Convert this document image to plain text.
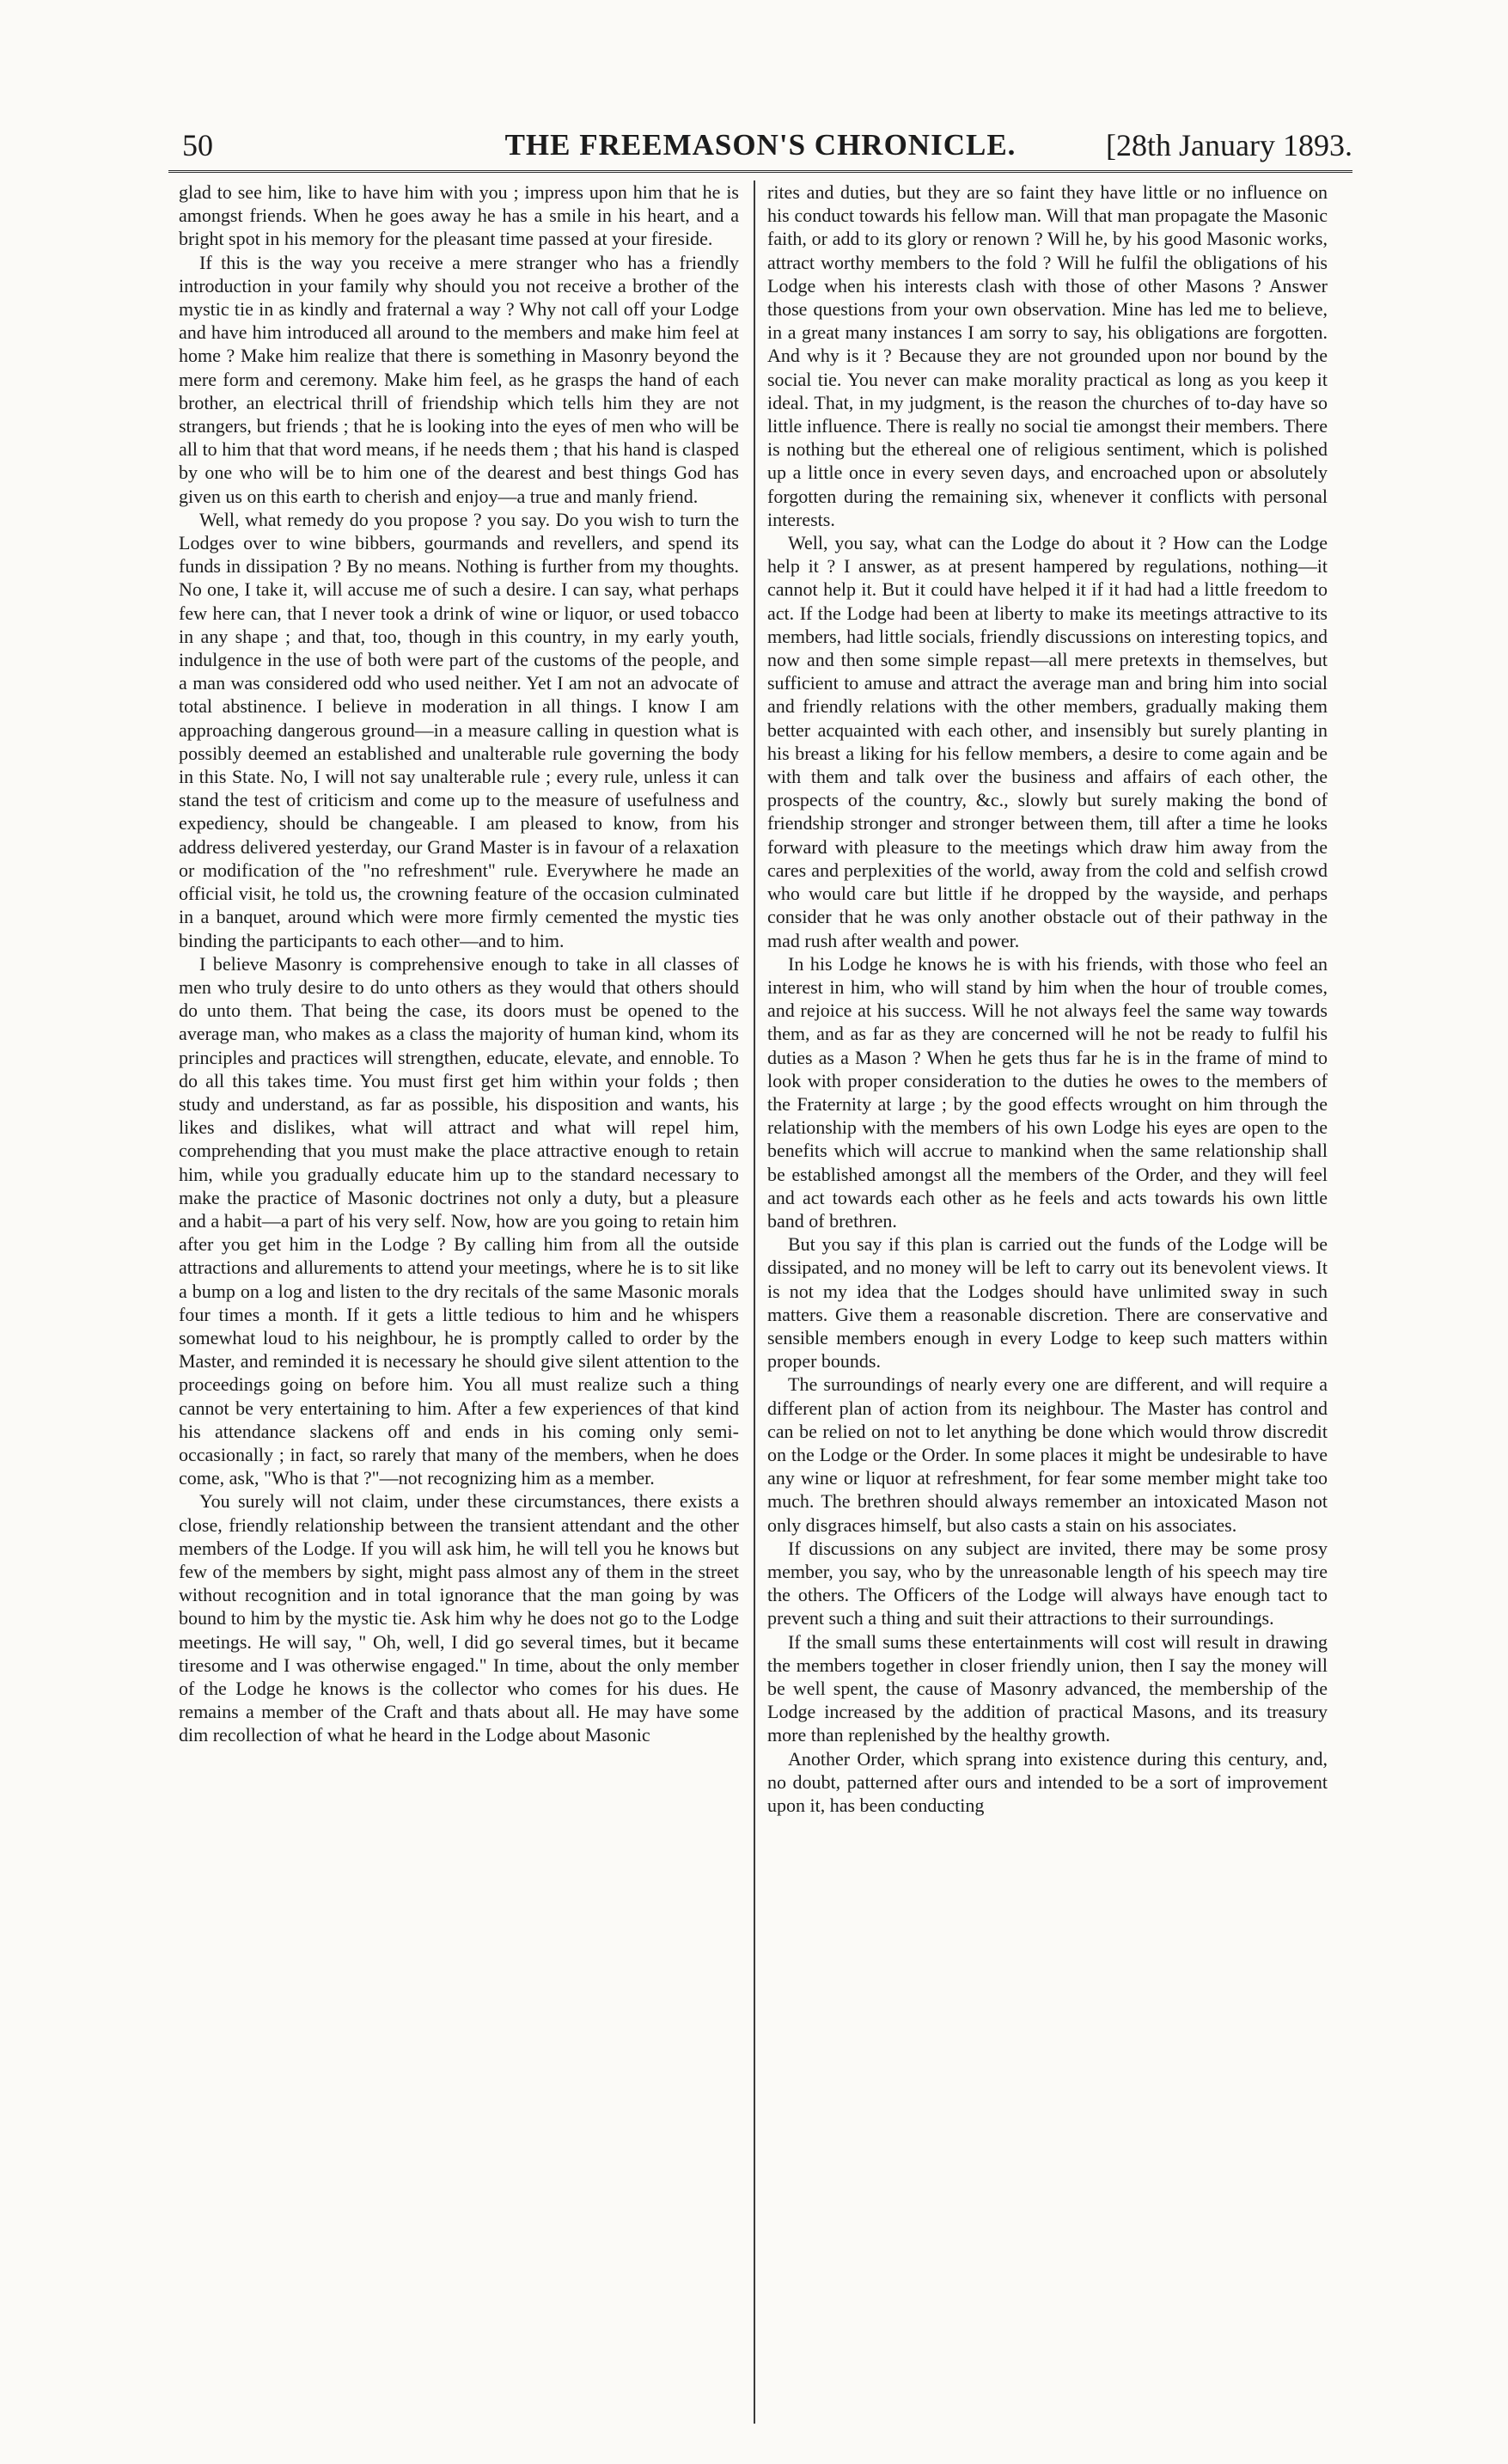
50	THE FREEMASON'S CHRONICLE.	[28th January 1893.

glad to see him, like to have him with you ; impress upon him that he is amongst friends. When he goes away he has a smile in his heart, and a bright spot in his memory for the pleasant time passed at your fireside.

If this is the way you receive a mere stranger who has a friendly introduction in your family why should you not receive a brother of the mystic tie in as kindly and fraternal a way ? Why not call off your Lodge and have him introduced all around to the members and make him feel at home ? Make him realize that there is something in Masonry beyond the mere form and ceremony. Make him feel, as he grasps the hand of each brother, an electrical thrill of friendship which tells him they are not strangers, but friends ; that he is looking into the eyes of men who will be all to him that that word means, if he needs them ; that his hand is clasped by one who will be to him one of the dearest and best things God has given us on this earth to cherish and enjoy—a true and manly friend.

Well, what remedy do you propose ? you say. Do you wish to turn the Lodges over to wine bibbers, gourmands and revellers, and spend its funds in dissipation ? By no means. Nothing is further from my thoughts. No one, I take it, will accuse me of such a desire. I can say, what perhaps few here can, that I never took a drink of wine or liquor, or used tobacco in any shape ; and that, too, though in this country, in my early youth, indulgence in the use of both were part of the customs of the people, and a man was considered odd who used neither. Yet I am not an advocate of total abstinence. I believe in moderation in all things. I know I am approaching dangerous ground—in a measure calling in question what is possibly deemed an established and unalterable rule governing the body in this State. No, I will not say unalterable rule ; every rule, unless it can stand the test of criticism and come up to the measure of usefulness and expediency, should be changeable. I am pleased to know, from his address delivered yesterday, our Grand Master is in favour of a relaxation or modification of the "no refreshment" rule. Everywhere he made an official visit, he told us, the crowning feature of the occasion culminated in a banquet, around which were more firmly cemented the mystic ties binding the participants to each other—and to him.

I believe Masonry is comprehensive enough to take in all classes of men who truly desire to do unto others as they would that others should do unto them. That being the case, its doors must be opened to the average man, who makes as a class the majority of human kind, whom its principles and practices will strengthen, educate, elevate, and ennoble. To do all this takes time. You must first get him within your folds ; then study and understand, as far as possible, his disposition and wants, his likes and dislikes, what will attract and what will repel him, comprehending that you must make the place attractive enough to retain him, while you gradually educate him up to the standard necessary to make the practice of Masonic doctrines not only a duty, but a pleasure and a habit—a part of his very self. Now, how are you going to retain him after you get him in the Lodge ? By calling him from all the outside attractions and allurements to attend your meetings, where he is to sit like a bump on a log and listen to the dry recitals of the same Masonic morals four times a month. If it gets a little tedious to him and he whispers somewhat loud to his neighbour, he is promptly called to order by the Master, and reminded it is necessary he should give silent attention to the proceedings going on before him. You all must realize such a thing cannot be very entertaining to him. After a few experiences of that kind his attendance slackens off and ends in his coming only semi-occasionally ; in fact, so rarely that many of the members, when he does come, ask, "Who is that ?"—not recognizing him as a member.

You surely will not claim, under these circumstances, there exists a close, friendly relationship between the transient attendant and the other members of the Lodge. If you will ask him, he will tell you he knows but few of the members by sight, might pass almost any of them in the street without recognition and in total ignorance that the man going by was bound to him by the mystic tie. Ask him why he does not go to the Lodge meetings. He will say, " Oh, well, I did go several times, but it became tiresome and I was otherwise engaged." In time, about the only member of the Lodge he knows is the collector who comes for his dues. He remains a member of the Craft and thats about all. He may have some dim recollection of what he heard in the Lodge about Masonic

rites and duties, but they are so faint they have little or no influence on his conduct towards his fellow man. Will that man propagate the Masonic faith, or add to its glory or renown ? Will he, by his good Masonic works, attract worthy members to the fold ? Will he fulfil the obligations of his Lodge when his interests clash with those of other Masons ? Answer those questions from your own observation. Mine has led me to believe, in a great many instances I am sorry to say, his obligations are forgotten. And why is it ? Because they are not grounded upon nor bound by the social tie. You never can make morality practical as long as you keep it ideal. That, in my judgment, is the reason the churches of to-day have so little influence. There is really no social tie amongst their members. There is nothing but the ethereal one of religious sentiment, which is polished up a little once in every seven days, and encroached upon or absolutely forgotten during the remaining six, whenever it conflicts with personal interests.

Well, you say, what can the Lodge do about it ? How can the Lodge help it ? I answer, as at present hampered by regulations, nothing—it cannot help it. But it could have helped it if it had had a little freedom to act. If the Lodge had been at liberty to make its meetings attractive to its members, had little socials, friendly discussions on interesting topics, and now and then some simple repast—all mere pretexts in themselves, but sufficient to amuse and attract the average man and bring him into social and friendly relations with the other members, gradually making them better acquainted with each other, and insensibly but surely planting in his breast a liking for his fellow members, a desire to come again and be with them and talk over the business and affairs of each other, the prospects of the country, &c., slowly but surely making the bond of friendship stronger and stronger between them, till after a time he looks forward with pleasure to the meetings which draw him away from the cares and perplexities of the world, away from the cold and selfish crowd who would care but little if he dropped by the wayside, and perhaps consider that he was only another obstacle out of their pathway in the mad rush after wealth and power.

In his Lodge he knows he is with his friends, with those who feel an interest in him, who will stand by him when the hour of trouble comes, and rejoice at his success. Will he not always feel the same way towards them, and as far as they are concerned will he not be ready to fulfil his duties as a Mason ? When he gets thus far he is in the frame of mind to look with proper consideration to the duties he owes to the members of the Fraternity at large ; by the good effects wrought on him through the relationship with the members of his own Lodge his eyes are open to the benefits which will accrue to mankind when the same relationship shall be established amongst all the members of the Order, and they will feel and act towards each other as he feels and acts towards his own little band of brethren.

But you say if this plan is carried out the funds of the Lodge will be dissipated, and no money will be left to carry out its benevolent views. It is not my idea that the Lodges should have unlimited sway in such matters. Give them a reasonable discretion. There are conservative and sensible members enough in every Lodge to keep such matters within proper bounds.

The surroundings of nearly every one are different, and will require a different plan of action from its neighbour. The Master has control and can be relied on not to let anything be done which would throw discredit on the Lodge or the Order. In some places it might be undesirable to have any wine or liquor at refreshment, for fear some member might take too much. The brethren should always remember an intoxicated Mason not only disgraces himself, but also casts a stain on his associates.

If discussions on any subject are invited, there may be some prosy member, you say, who by the unreasonable length of his speech may tire the others. The Officers of the Lodge will always have enough tact to prevent such a thing and suit their attractions to their surroundings.

If the small sums these entertainments will cost will result in drawing the members together in closer friendly union, then I say the money will be well spent, the cause of Masonry advanced, the membership of the Lodge increased by the addition of practical Masons, and its treasury more than replenished by the healthy growth.

Another Order, which sprang into existence during this century, and, no doubt, patterned after ours and intended to be a sort of improvement upon it, has been conducting
